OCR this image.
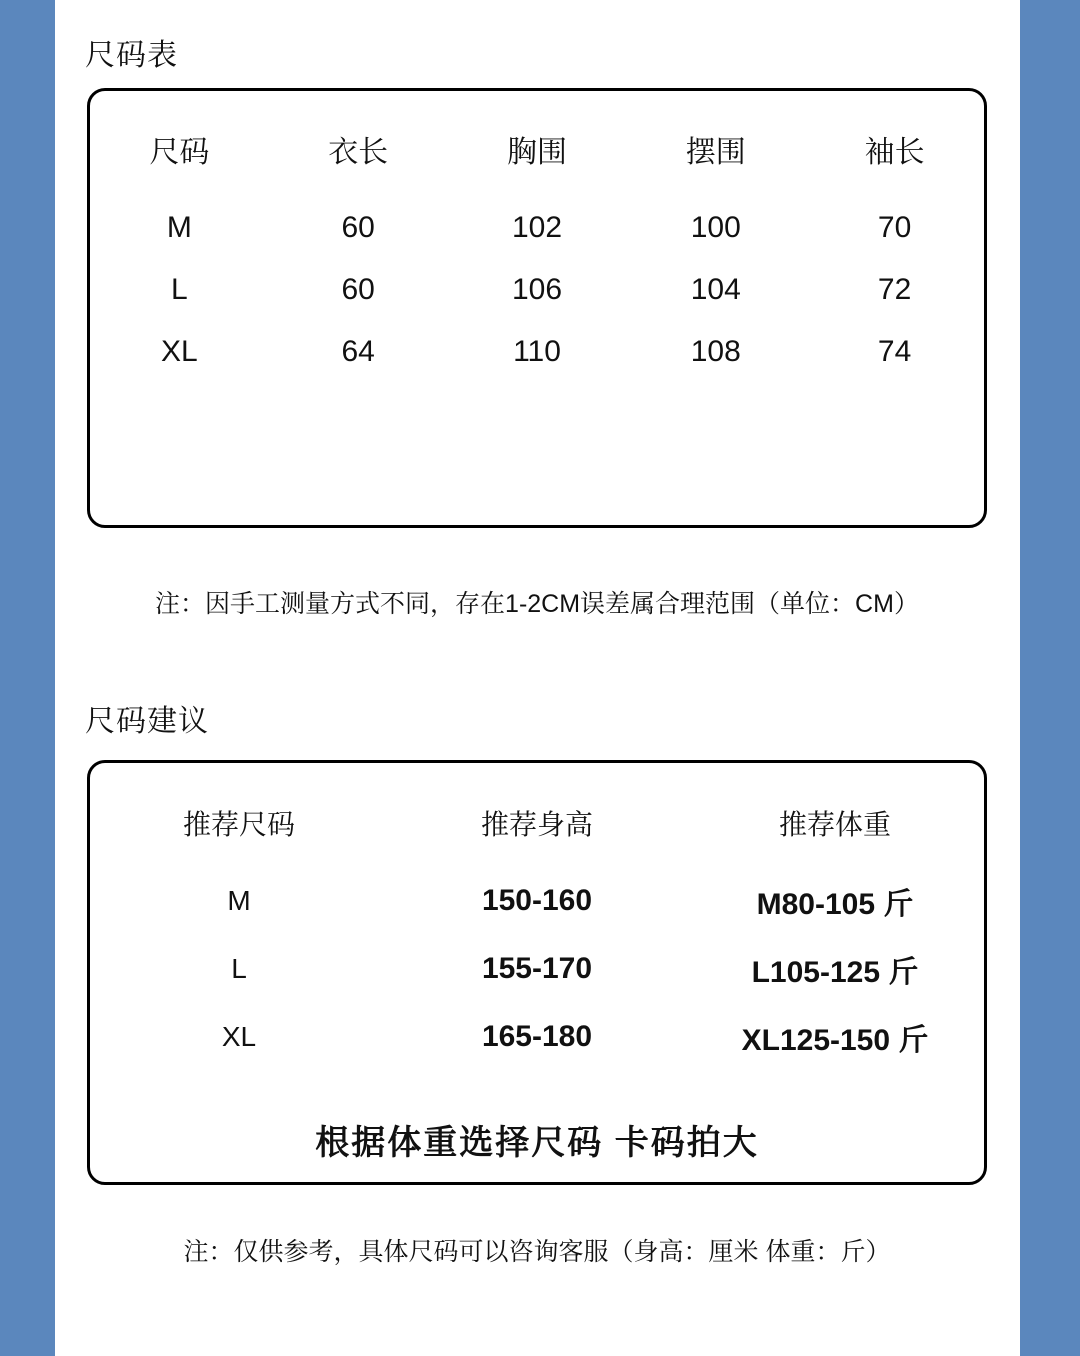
尺码表
尺码	衣长	胸围	摆围	袖长
M	60	102	100	70
L	60	106	104	72
XL	64	110	108	74
注：因手工测量方式不同，存在1-2CM误差属合理范围（单位：CM）
尺码建议
推荐尺码	推荐身高	推荐体重
M	150-160	M80-105 斤
L	155-170	L105-125 斤
XL	165-180	XL125-150 斤
根据体重选择尺码 卡码拍大
注：仅供参考，具体尺码可以咨询客服（身高：厘米 体重：斤）
